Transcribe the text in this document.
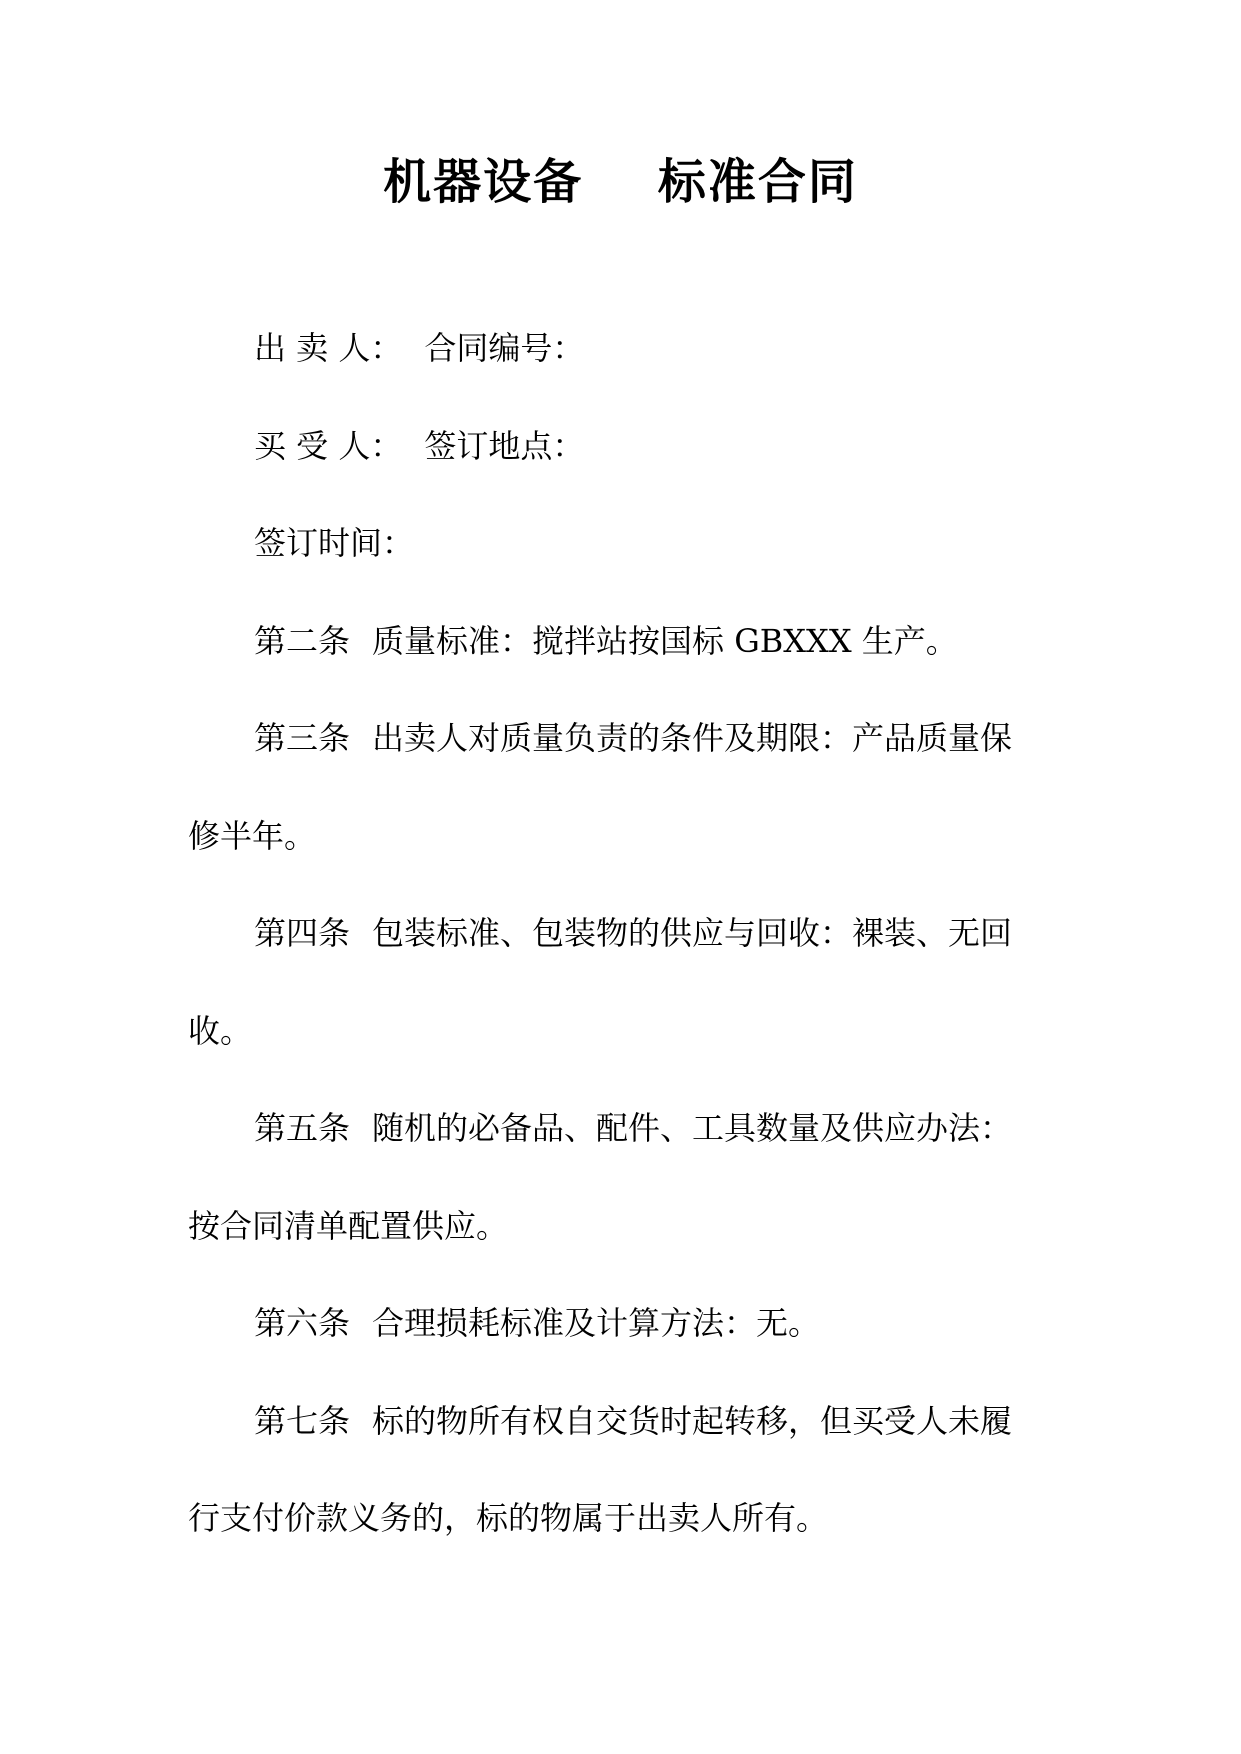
机器设备    标准合同
出 卖 人： 合同编号：
买 受 人： 签订地点：
签订时间：
第二条 质量标准：搅拌站按国标 GBXXX 生产。
第三条 出卖人对质量负责的条件及期限：产品质量保
修半年。
第四条 包装标准、包装物的供应与回收：裸装、无回
收。
第五条 随机的必备品、配件、工具数量及供应办法：
按合同清单配置供应。
第六条 合理损耗标准及计算方法：无。
第七条 标的物所有权自交货时起转移，但买受人未履
行支付价款义务的，标的物属于出卖人所有。
